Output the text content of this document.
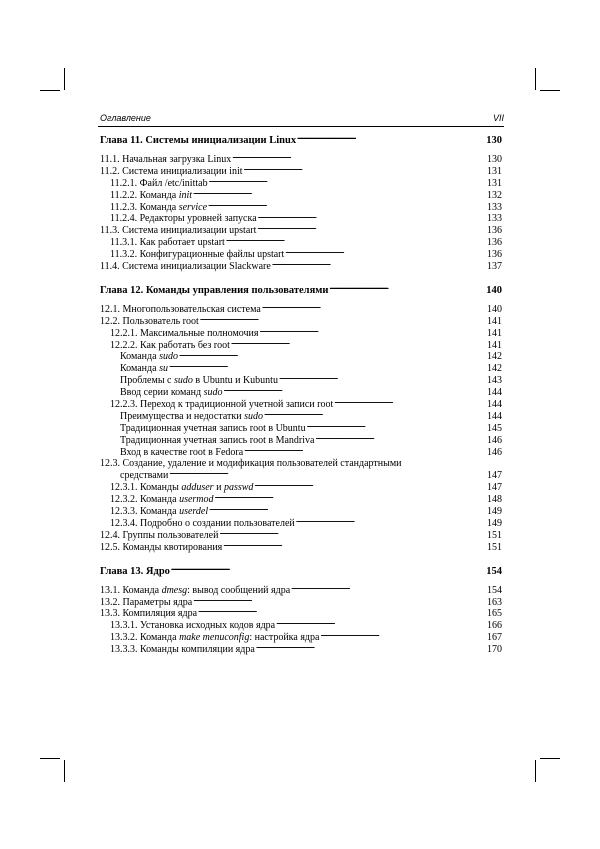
Оглавление	VII
Глава 11. Системы инициализации Linux . . .	130
11.1. Начальная загрузка Linux . . .	130
11.2. Система инициализации init . . .	131
11.2.1. Файл /etc/inittab . . .	131
11.2.2. Команда init . . .	132
11.2.3. Команда service . . .	133
11.2.4. Редакторы уровней запуска . . .	133
11.3. Система инициализации upstart . . .	136
11.3.1. Как работает upstart . . .	136
11.3.2. Конфигурационные файлы upstart . . .	136
11.4. Система инициализации Slackware . . .	137
Глава 12. Команды управления пользователями . . .	140
12.1. Многопользовательская система . . .	140
12.2. Пользователь root . . .	141
12.2.1. Максимальные полномочия . . .	141
12.2.2. Как работать без root . . .	141
Команда sudo . . .	142
Команда su . . .	142
Проблемы с sudo в Ubuntu и Kubuntu . . .	143
Ввод серии команд sudo . . .	144
12.2.3. Переход к традиционной учетной записи root . . .	144
Преимущества и недостатки sudo . . .	144
Традиционная учетная запись root в Ubuntu . . .	145
Традиционная учетная запись root в Mandriva . . .	146
Вход в качестве root в Fedora . . .	146
12.3. Создание, удаление и модификация пользователей стандартными
средствами . . .	147
12.3.1. Команды adduser и passwd . . .	147
12.3.2. Команда usermod . . .	148
12.3.3. Команда userdel . . .	149
12.3.4. Подробно о создании пользователей . . .	149
12.4. Группы пользователей . . .	151
12.5. Команды квотирования . . .	151
Глава 13. Ядро . . .	154
13.1. Команда dmesg: вывод сообщений ядра . . .	154
13.2. Параметры ядра . . .	163
13.3. Компиляция ядра . . .	165
13.3.1. Установка исходных кодов ядра . . .	166
13.3.2. Команда make menuconfig: настройка ядра . . .	167
13.3.3. Команды компиляции ядра . . .	170
